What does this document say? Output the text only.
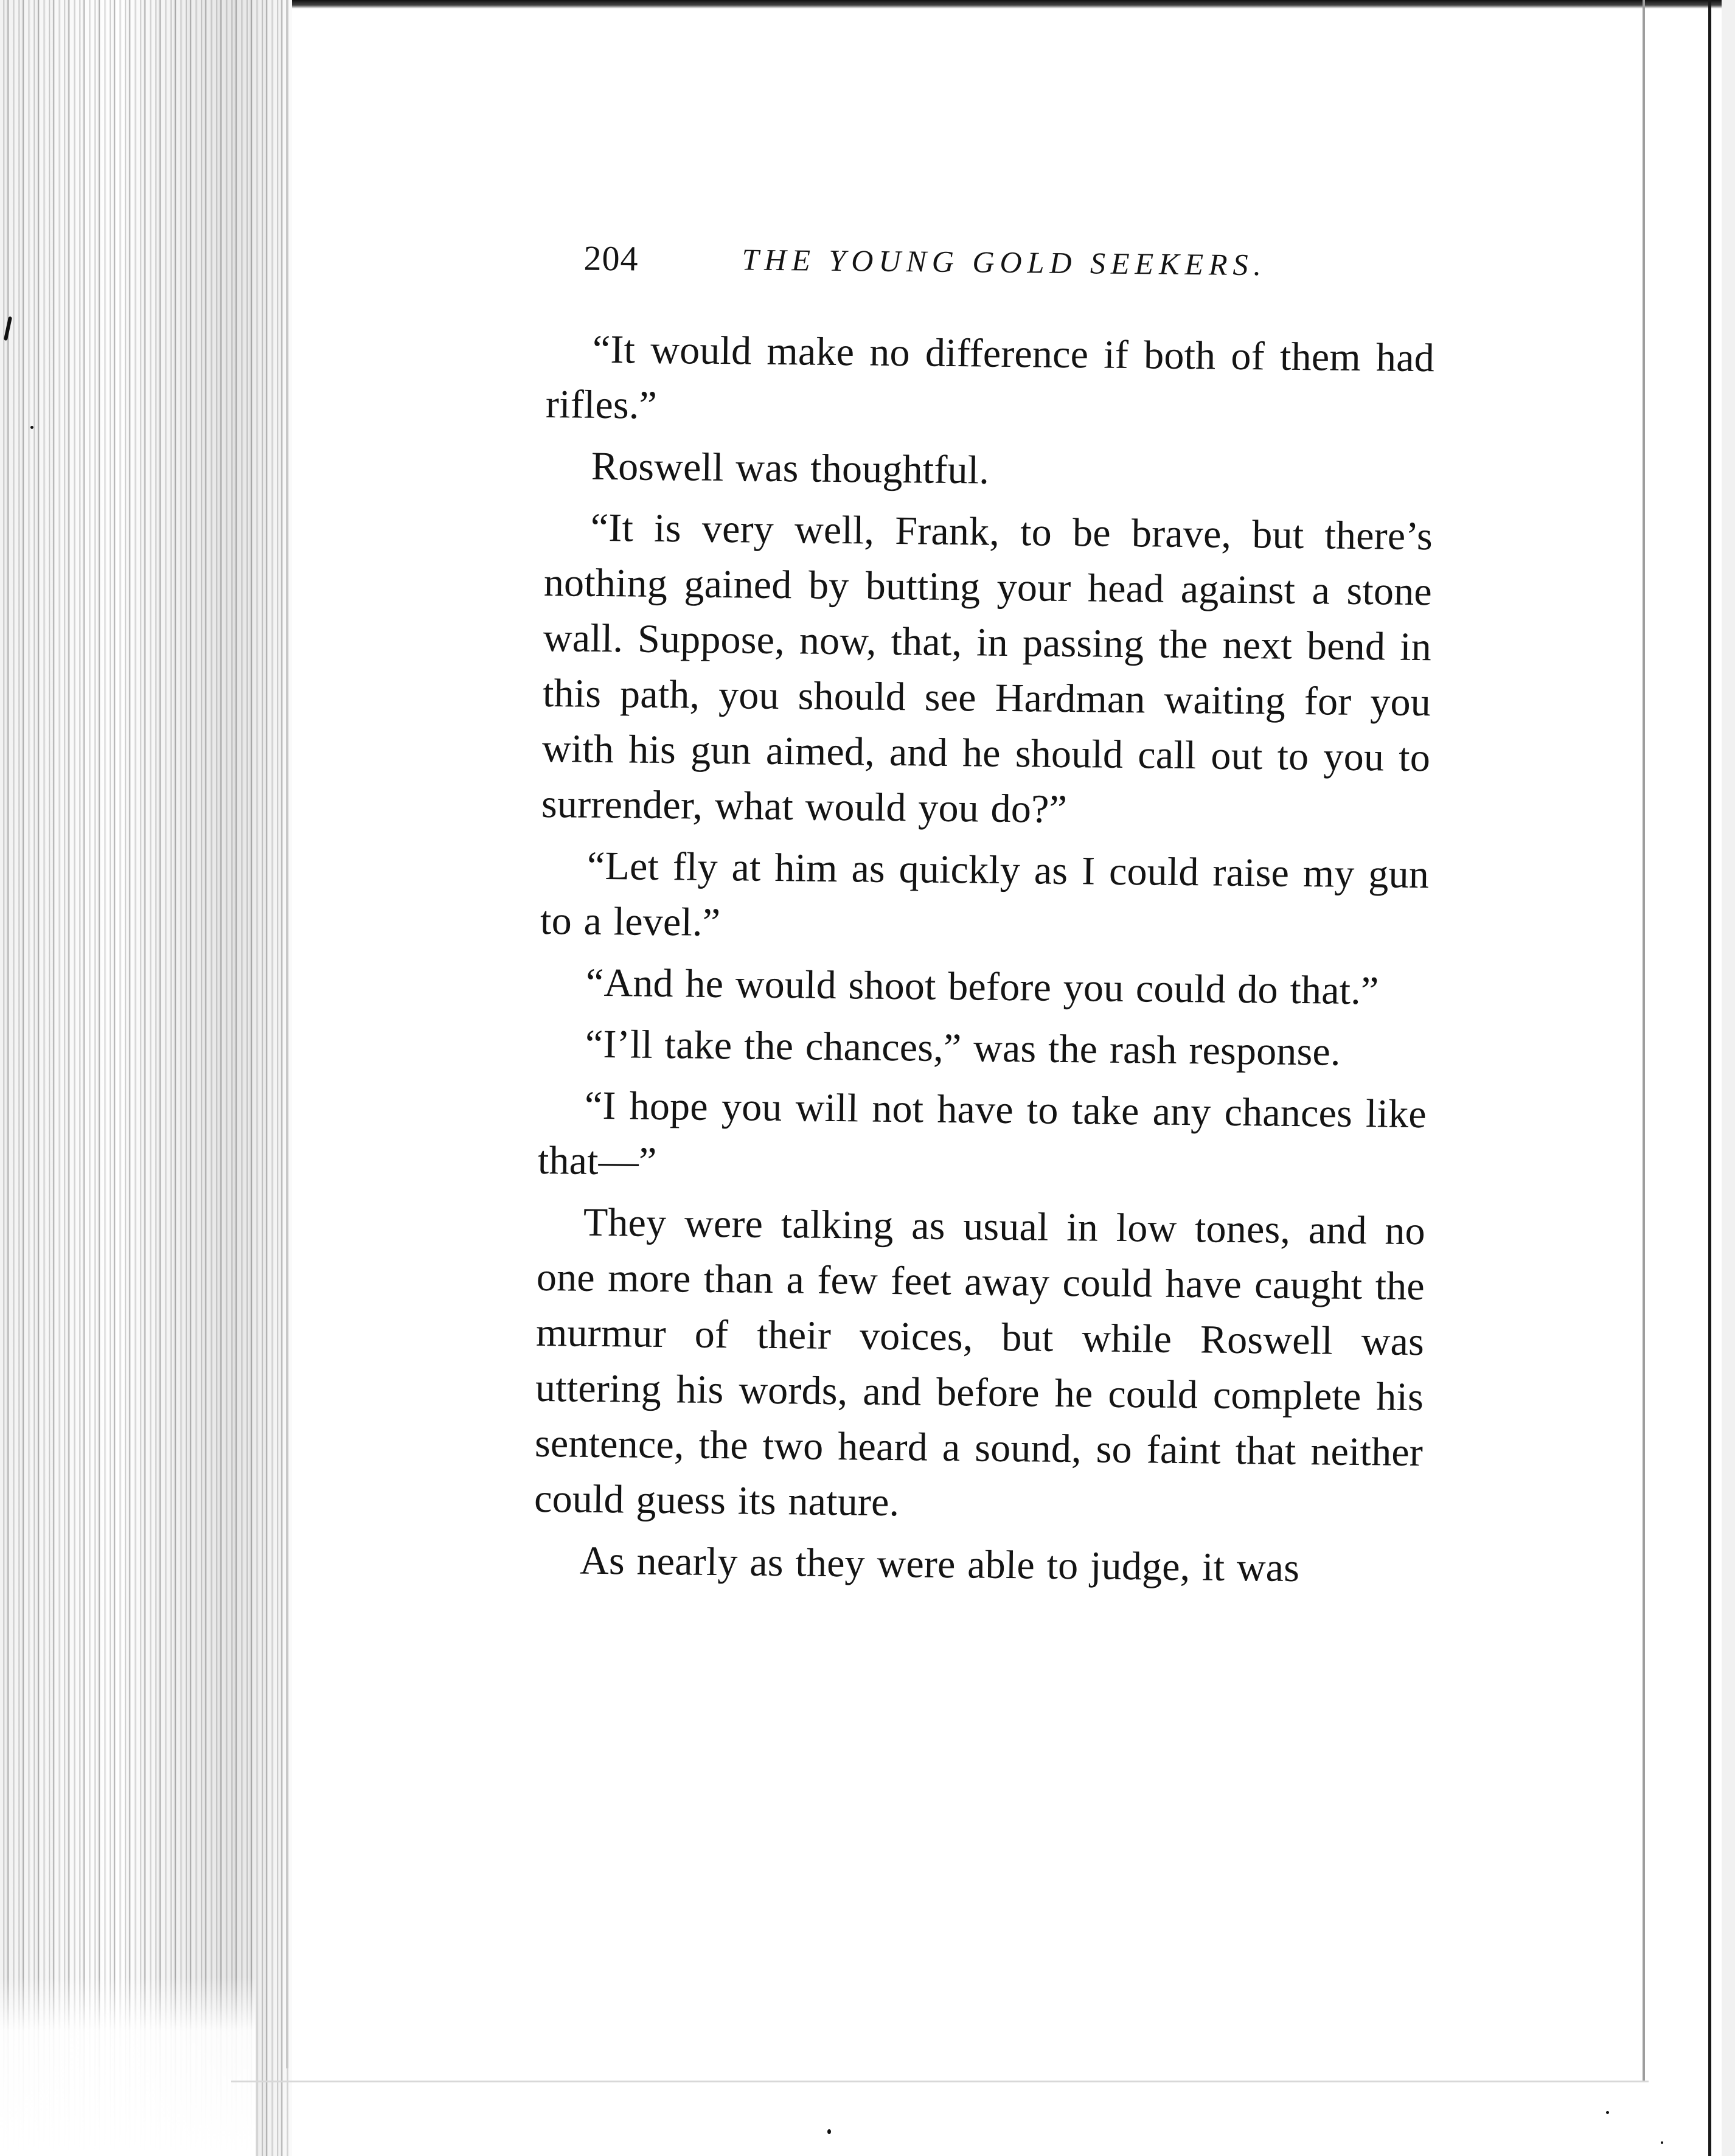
204	THE YOUNG GOLD SEEKERS.

“It would make no difference if both of them had rifles.”

Roswell was thoughtful.

“It is very well, Frank, to be brave, but there’s nothing gained by butting your head against a stone wall. Suppose, now, that, in passing the next bend in this path, you should see Hardman waiting for you with his gun aimed, and he should call out to you to surrender, what would you do?”

“Let fly at him as quickly as I could raise my gun to a level.”

“And he would shoot before you could do that.”

“I’ll take the chances,” was the rash response.

“I hope you will not have to take any chances like that—”

They were talking as usual in low tones, and no one more than a few feet away could have caught the murmur of their voices, but while Roswell was uttering his words, and before he could complete his sentence, the two heard a sound, so faint that neither could guess its nature.

As nearly as they were able to judge, it was
